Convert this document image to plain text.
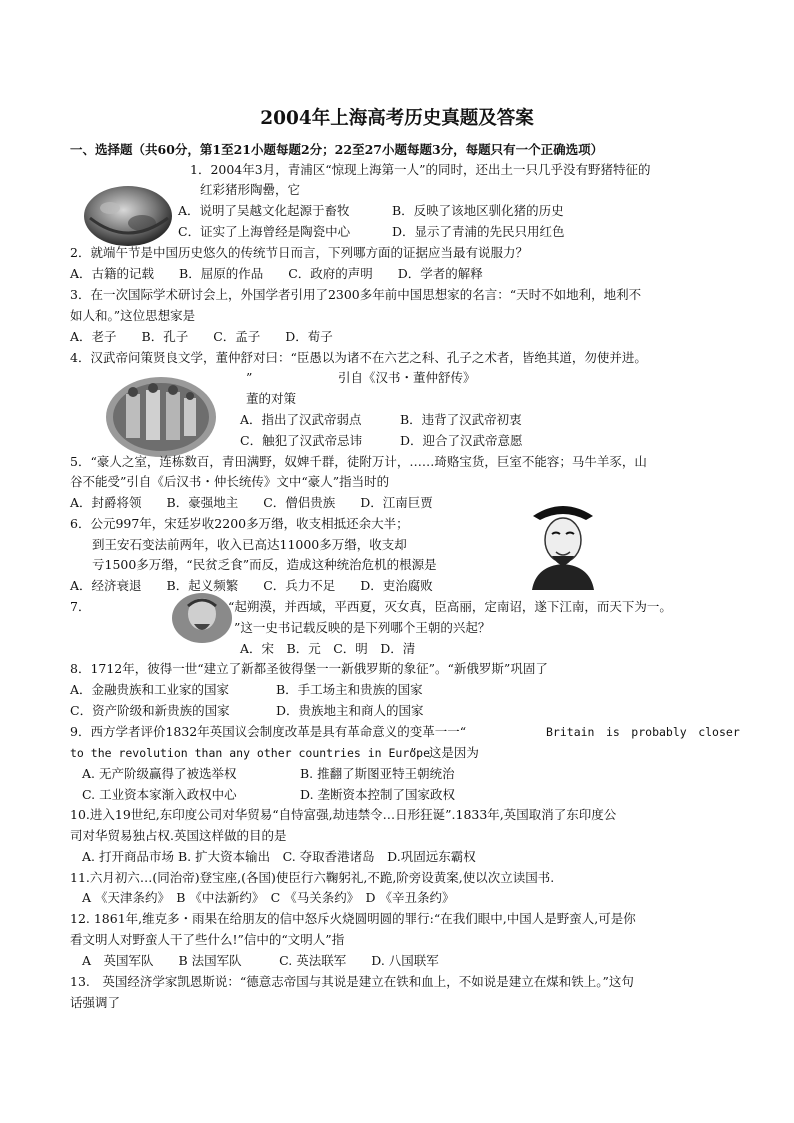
2004年上海高考历史真题及答案
一、选择题（共60分，第1至21小题每题2分；22至27小题每题3分，每题只有一个正确选项）
1．2004年3月，青浦区“惊现上海第一人”的同时，还出土一只几乎没有野猪特征的
红彩猪形陶罍，它
A．说明了吴越文化起源于畜牧	B．反映了该地区驯化猪的历史
C．证实了上海曾经是陶瓷中心	D．显示了青浦的先民只用红色
2．就端午节是中国历史悠久的传统节日而言，下列哪方面的证据应当最有说服力？
A．古籍的记载　　B．屈原的作品　　C．政府的声明　　D．学者的解释
3．在一次国际学术研讨会上，外国学者引用了2300多年前中国思想家的名言：“天时不如地利，地利不
如人和。”这位思想家是
A．老子　　B．孔子　　C．孟子　　D．荀子
4．汉武帝问策贤良文学，董仲舒对曰：“臣愚以为诸不在六艺之科、孔子之术者，皆绝其道，勿使并进。
”	引自《汉书・董仲舒传》
董的对策
A．指出了汉武帝弱点	B．违背了汉武帝初衷
C．触犯了汉武帝忌讳	D．迎合了汉武帝意愿
5．“豪人之室，连栋数百，青田满野，奴婢千群，徒附万计，……琦赂宝货，巨室不能容；马牛羊豕，山
谷不能受”引自《后汉书・仲长统传》文中“豪人”指当时的
A．封爵将领　　B．豪强地主　　C．僧侣贵族　　D．江南巨贾
6．公元997年，宋廷岁收2200多万缗，收支相抵还余大半；
到王安石变法前两年，收入已高达11000多万缗，收支却
亏1500多万缗，“民贫乏食”而反，造成这种统治危机的根源是
A．经济衰退　　B．起义频繁　　C．兵力不足　　D．吏治腐败
7．	“起朔漠，并西域，平西夏，灭女真，臣高丽，定南诏，遂下江南，而天下为一。
”这一史书记载反映的是下列哪个王朝的兴起？
A．宋　B．元　C．明　D．清
8．1712年，彼得一世“建立了新都圣彼得堡一一新俄罗斯的象征”。“新俄罗斯”巩固了
A．金融贵族和工业家的国家	B．手工场主和贵族的国家
C．资产阶级和新贵族的国家	D．贵族地主和商人的国家
9．西方学者评价1832年英国议会制度改革是具有革命意义的变革一一“	Britain　is　probably　closer
to the revolution than any other countries in Europe
”．这是因为
A. 无产阶级赢得了被选举权	B. 推翻了斯图亚特王朝统治
C. 工业资本家渐入政权中心	D. 垄断资本控制了国家政权
10.进入19世纪,东印度公司对华贸易“自恃富强,劫违禁令…日形狂诞”.1833年,英国取消了东印度公
司对华贸易独占权.英国这样做的目的是
A. 打开商品市场 B. 扩大资本输出　C. 夺取香港诸岛　D.巩固远东霸权
11.六月初六…(同治帝)登宝座,(各国)使臣行六鞠躬礼,不跪,阶旁设黄案,使以次立读国书.
A 《天津条约》　B 《中法新约》　C 《马关条约》　D 《辛丑条约》
12. 1861年,维克多・雨果在给朋友的信中怒斥火烧圆明圆的罪行:“在我们眼中,中国人是野蛮人,可是你
看文明人对野蛮人干了些什么!”信中的“文明人”指
A　英国军队　　B 法国军队　　　C. 英法联军　　D. 八国联军
13.　英国经济学家凯恩斯说：“德意志帝国与其说是建立在铁和血上，不如说是建立在煤和铁上。”这句
话强调了
